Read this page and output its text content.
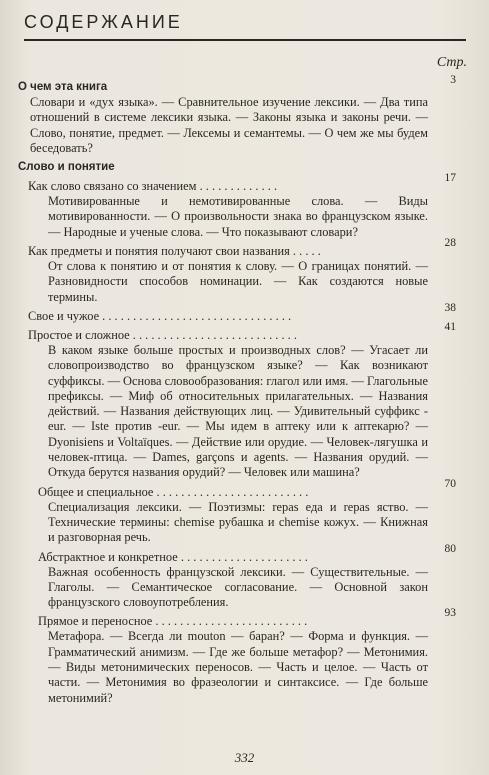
СОДЕРЖАНИЕ
Стр.
О чем эта книга
3
Словари и «дух языка». — Сравнительное изучение лексики. — Два типа отношений в системе лексики языка. — Законы языка и законы речи. — Слово, понятие, предмет. — Лексемы и семантемы. — О чем же мы будем беседовать?
Слово и понятие
Как слово связано со значением . . . . . . . . . . . . .
17
Мотивированные и немотивированные слова. — Виды мотивированности. — О произвольности знака во французском языке. — Народные и ученые слова. — Что показывают словари?
Как предметы и понятия получают свои названия . . . . .
28
От слова к понятию и от понятия к слову. — О границах понятий. — Разновидности способов номинации. — Как создаются новые термины.
Свое и чужое . . . . . . . . . . . . . . . . . . . . . . . . . . . . . . .
38
Простое и сложное . . . . . . . . . . . . . . . . . . . . . . . . . . .
41
В каком языке больше простых и производных слов? — Угасает ли словопроизводство во французском языке? — Как возникают суффиксы. — Основа словообразования: глагол или имя. — Глагольные префиксы. — Миф об относительных прилагательных. — Названия действий. — Названия действующих лиц. — Удивительный суффикс -eur. — Iste против -eur. — Мы идем в аптеку или к аптекарю? — Dyonisiens и Voltaïques. — Действие или орудие. — Человек-лягушка и человек-птица. — Dames, garçons и agents. — Названия орудий. — Откуда берутся названия орудий? — Человек или машина?
Общее и специальное . . . . . . . . . . . . . . . . . . . . . . . . .
70
Специализация лексики. — Поэтизмы: repas еда и repas яство. — Технические термины: chemise рубашка и chemise кожух. — Книжная и разговорная речь.
Абстрактное и конкретное . . . . . . . . . . . . . . . . . . . . .
80
Важная особенность французской лексики. — Существительные. — Глаголы. — Семантическое согласование. — Основной закон французского словоупотребления.
Прямое и переносное . . . . . . . . . . . . . . . . . . . . . . . . .
93
Метафора. — Всегда ли mouton — баран? — Форма и функция. — Грамматический анимизм. — Где же больше метафор? — Метонимия. — Виды метонимических переносов. — Часть и целое. — Часть от части. — Метонимия во фразеологии и синтаксисе. — Где больше метонимий?
332
